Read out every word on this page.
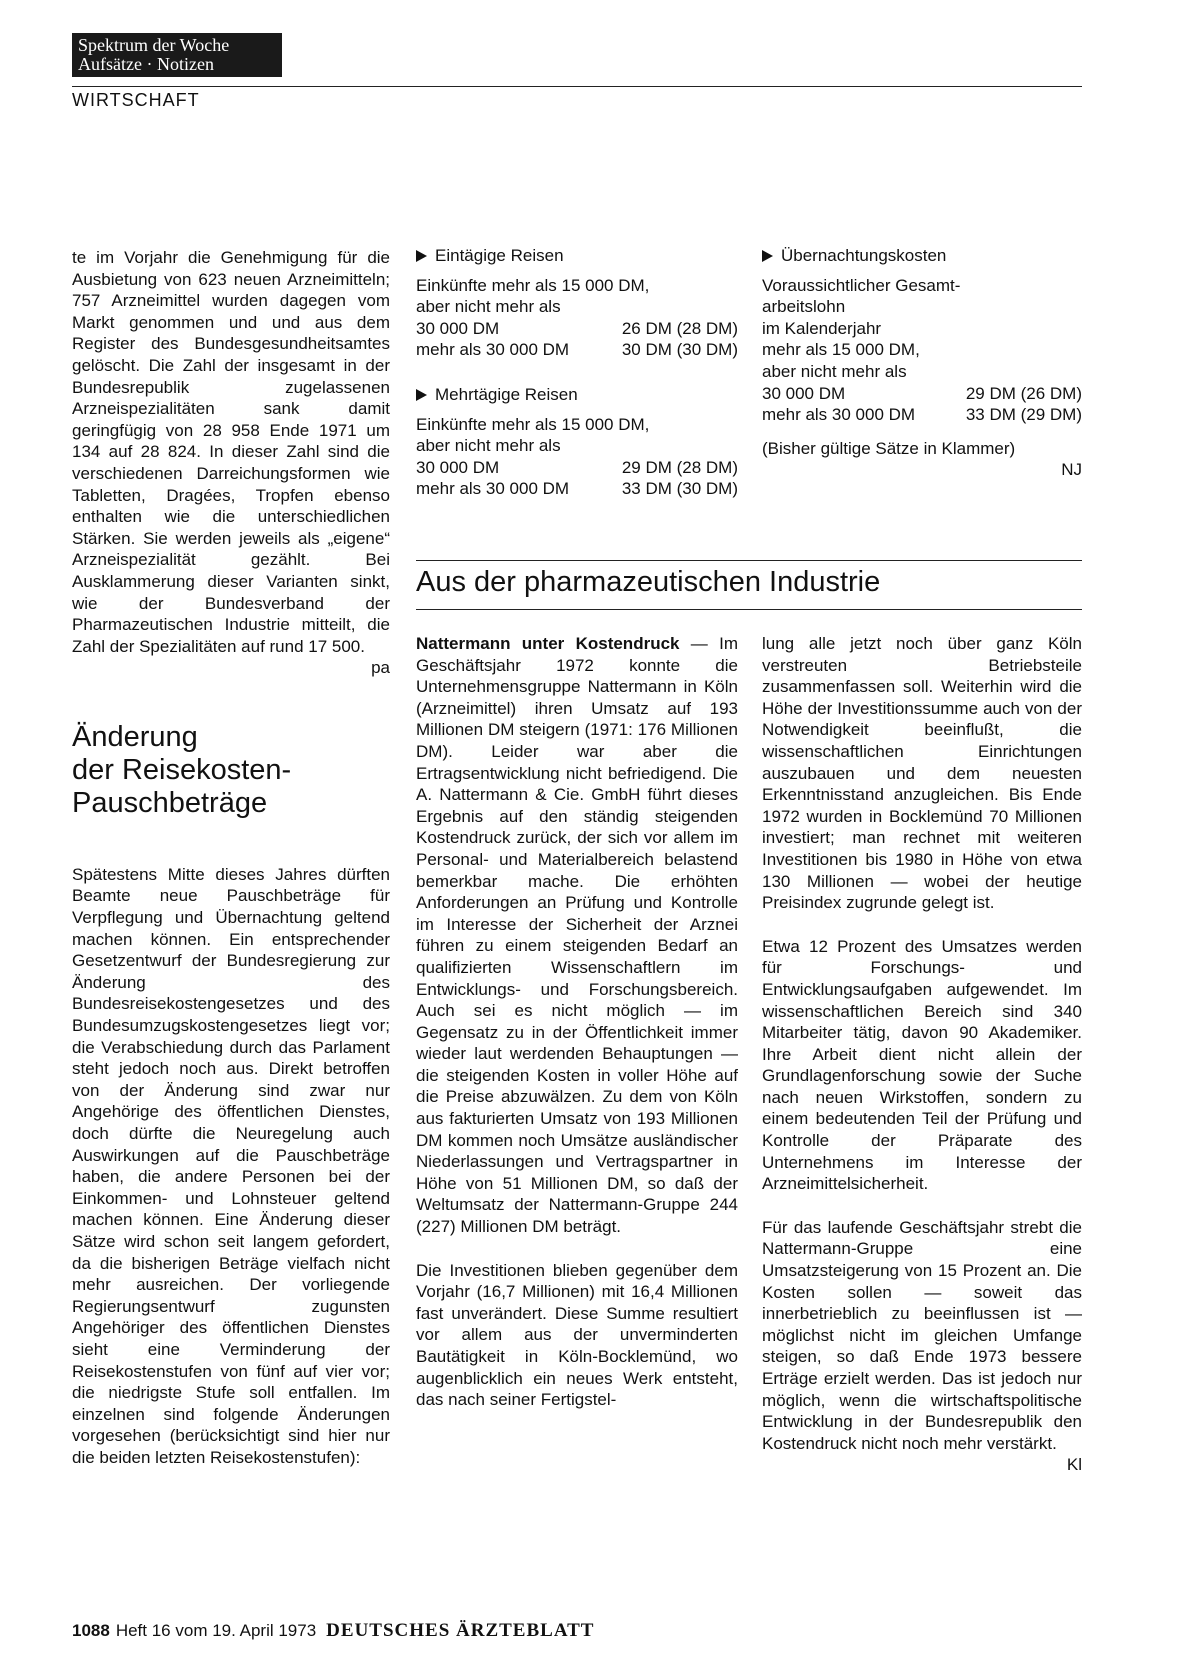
Spektrum der Woche
Aufsätze · Notizen
WIRTSCHAFT

te im Vorjahr die Genehmigung für die Ausbietung von 623 neuen Arzneimitteln; 757 Arzneimittel wurden dagegen vom Markt genommen und und aus dem Register des Bundesgesundheitsamtes gelöscht. Die Zahl der insgesamt in der Bundesrepublik zugelassenen Arzneispezialitäten sank damit geringfügig von 28 958 Ende 1971 um 134 auf 28 824. In dieser Zahl sind die verschiedenen Darreichungsformen wie Tabletten, Dragées, Tropfen ebenso enthalten wie die unterschiedlichen Stärken. Sie werden jeweils als „eigene“ Arzneispezialität gezählt. Bei Ausklammerung dieser Varianten sinkt, wie der Bundesverband der Pharmazeutischen Industrie mitteilt, die Zahl der Spezialitäten auf rund 17 500.

pa
Änderung
der Reisekosten-
Pauschbeträge

Spätestens Mitte dieses Jahres dürften Beamte neue Pauschbeträge für Verpflegung und Übernachtung geltend machen können. Ein entsprechender Gesetzentwurf der Bundesregierung zur Änderung des Bundesreisekostengesetzes und des Bundesumzugskostengesetzes liegt vor; die Verabschiedung durch das Parlament steht jedoch noch aus. Direkt betroffen von der Änderung sind zwar nur Angehörige des öffentlichen Dienstes, doch dürfte die Neuregelung auch Auswirkungen auf die Pauschbeträge haben, die andere Personen bei der Einkommen- und Lohnsteuer geltend machen können. Eine Änderung dieser Sätze wird schon seit langem gefordert, da die bisherigen Beträge vielfach nicht mehr ausreichen. Der vorliegende Regierungsentwurf zugunsten Angehöriger des öffentlichen Dienstes sieht eine Verminderung der Reisekostenstufen von fünf auf vier vor; die niedrigste Stufe soll entfallen. Im einzelnen sind folgende Änderungen vorgesehen (berücksichtigt sind hier nur die beiden letzten Reisekostenstufen):

Eintägige Reisen
Einkünfte mehr als 15 000 DM,
aber nicht mehr als
30 000 DM	26 DM (28 DM)
mehr als 30 000 DM	30 DM (30 DM)
Mehrtägige Reisen
Einkünfte mehr als 15 000 DM,
aber nicht mehr als
30 000 DM	29 DM (28 DM)
mehr als 30 000 DM	33 DM (30 DM)
Übernachtungskosten
Voraussichtlicher Gesamt-
arbeitslohn
im Kalenderjahr
mehr als 15 000 DM,
aber nicht mehr als
30 000 DM	29 DM (26 DM)
mehr als 30 000 DM	33 DM (29 DM)
(Bisher gültige Sätze in Klammer)
NJ
Aus der pharmazeutischen Industrie

Nattermann unter Kostendruck — Im Geschäftsjahr 1972 konnte die Unternehmensgruppe Nattermann in Köln (Arzneimittel) ihren Umsatz auf 193 Millionen DM steigern (1971: 176 Millionen DM). Leider war aber die Ertragsentwicklung nicht befriedigend. Die A. Nattermann & Cie. GmbH führt dieses Ergebnis auf den ständig steigenden Kostendruck zurück, der sich vor allem im Personal- und Materialbereich belastend bemerkbar mache. Die erhöhten Anforderungen an Prüfung und Kontrolle im Interesse der Sicherheit der Arznei führen zu einem steigenden Bedarf an qualifizierten Wissenschaftlern im Entwicklungs- und Forschungsbereich. Auch sei es nicht möglich — im Gegensatz zu in der Öffentlichkeit immer wieder laut werdenden Behauptungen — die steigenden Kosten in voller Höhe auf die Preise abzuwälzen. Zu dem von Köln aus fakturierten Umsatz von 193 Millionen DM kommen noch Umsätze ausländischer Niederlassungen und Vertragspartner in Höhe von 51 Millionen DM, so daß der Weltumsatz der Nattermann-Gruppe 244 (227) Millionen DM beträgt.

Die Investitionen blieben gegenüber dem Vorjahr (16,7 Millionen) mit 16,4 Millionen fast unverändert. Diese Summe resultiert vor allem aus der unverminderten Bautätigkeit in Köln-Bocklemünd, wo augenblicklich ein neues Werk entsteht, das nach seiner Fertigstel-

lung alle jetzt noch über ganz Köln verstreuten Betriebsteile zusammenfassen soll. Weiterhin wird die Höhe der Investitionssumme auch von der Notwendigkeit beeinflußt, die wissenschaftlichen Einrichtungen auszubauen und dem neuesten Erkenntnisstand anzugleichen. Bis Ende 1972 wurden in Bocklemünd 70 Millionen investiert; man rechnet mit weiteren Investitionen bis 1980 in Höhe von etwa 130 Millionen — wobei der heutige Preisindex zugrunde gelegt ist.

Etwa 12 Prozent des Umsatzes werden für Forschungs- und Entwicklungsaufgaben aufgewendet. Im wissenschaftlichen Bereich sind 340 Mitarbeiter tätig, davon 90 Akademiker. Ihre Arbeit dient nicht allein der Grundlagenforschung sowie der Suche nach neuen Wirkstoffen, sondern zu einem bedeutenden Teil der Prüfung und Kontrolle der Präparate des Unternehmens im Interesse der Arzneimittelsicherheit.

Für das laufende Geschäftsjahr strebt die Nattermann-Gruppe eine Umsatzsteigerung von 15 Prozent an. Die Kosten sollen — soweit das innerbetrieblich zu beeinflussen ist — möglichst nicht im gleichen Umfange steigen, so daß Ende 1973 bessere Erträge erzielt werden. Das ist jedoch nur möglich, wenn die wirtschaftspolitische Entwicklung in der Bundesrepublik den Kostendruck nicht noch mehr verstärkt.

Kl
1088 Heft 16 vom 19. April 1973 DEUTSCHES ÄRZTEBLATT
